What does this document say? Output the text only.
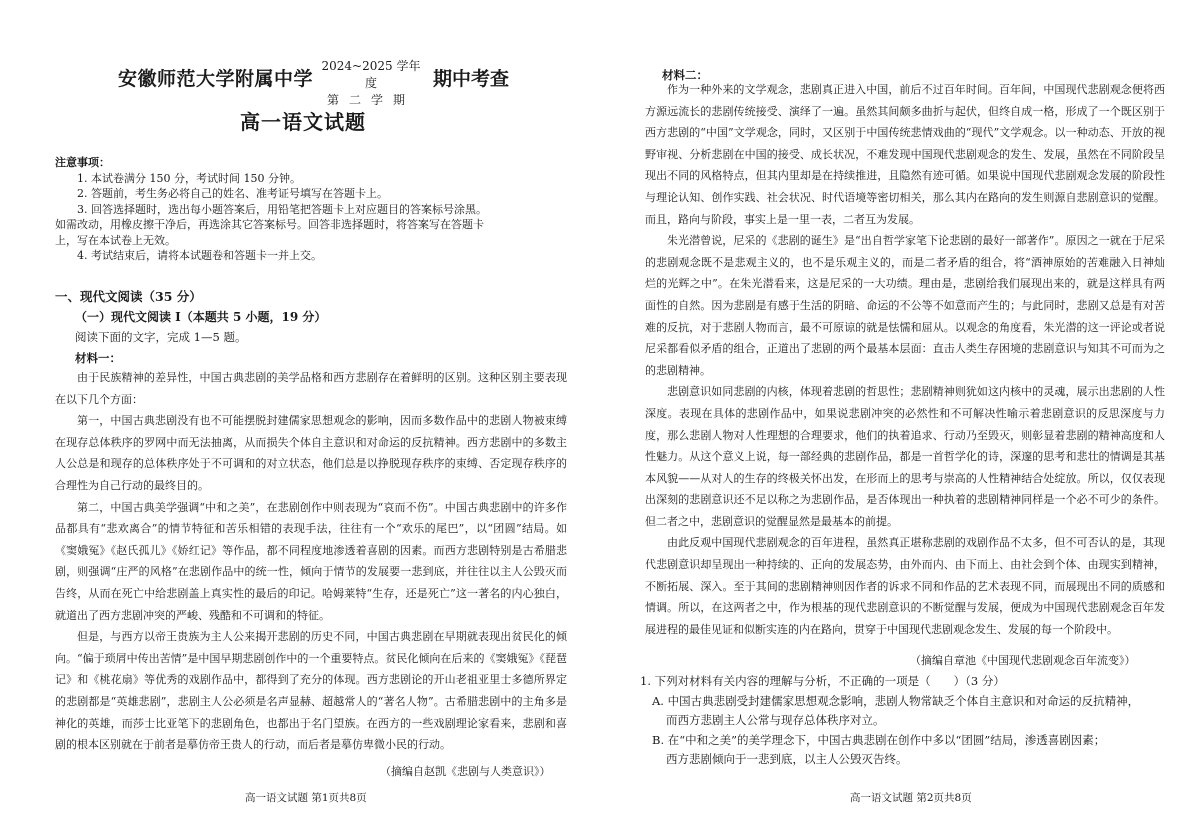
安徽师范大学附属中学
2024~2025 学年度
第二学期
期中考查
高一语文试题
注意事项：

1. 本试卷满分 150 分，考试时间 150 分钟。

2. 答题前，考生务必将自己的姓名、准考证号填写在答题卡上。

3. 回答选择题时，选出每小题答案后，用铅笔把答题卡上对应题目的答案标号涂黑。

如需改动，用橡皮擦干净后，再选涂其它答案标号。回答非选择题时，将答案写在答题卡

上，写在本试卷上无效。

4. 考试结束后，请将本试题卷和答题卡一并上交。

一、现代文阅读（35 分）
（一）现代文阅读 I（本题共 5 小题，19 分）
阅读下面的文字，完成 1—5 题。
材料一：

由于民族精神的差异性，中国古典悲剧的美学品格和西方悲剧存在着鲜明的区别。这种区别主要表现在以下几个方面：

第一，中国古典悲剧没有也不可能摆脱封建儒家思想观念的影响，因而多数作品中的悲剧人物被束缚在现存总体秩序的罗网中而无法抽离，从而损失个体自主意识和对命运的反抗精神。西方悲剧中的多数主人公总是和现存的总体秩序处于不可调和的对立状态，他们总是以挣脱现存秩序的束缚、否定现存秩序的合理性为自己行动的最终目的。

第二，中国古典美学强调“中和之美”，在悲剧创作中则表现为“哀而不伤”。中国古典悲剧中的许多作品都具有“悲欢离合”的情节特征和苦乐相错的表现手法，往往有一个“欢乐的尾巴”，以“团圆”结局。如《窦娥冤》《赵氏孤儿》《娇红记》等作品，都不同程度地渗透着喜剧的因素。而西方悲剧特别是古希腊悲剧，则强调“庄严的风格”在悲剧作品中的统一性，倾向于情节的发展要一悲到底，并往往以主人公毁灭而告终，从而在死亡中给悲剧盖上真实性的最后的印记。哈姆莱特“生存，还是死亡”这一著名的内心独白，就道出了西方悲剧冲突的严峻、残酷和不可调和的特征。

但是，与西方以帝王贵族为主人公来揭开悲剧的历史不同，中国古典悲剧在早期就表现出贫民化的倾向。“偏于琐屑中传出苦情”是中国早期悲剧创作中的一个重要特点。贫民化倾向在后来的《窦娥冤》《琵琶记》和《桃花扇》等优秀的戏剧作品中，都得到了充分的体现。西方悲剧论的开山老祖亚里士多德所界定的悲剧都是“英雄悲剧”，悲剧主人公必须是名声显赫、超越常人的“著名人物”。古希腊悲剧中的主角多是神化的英雄，而莎士比亚笔下的悲剧角色，也都出于名门望族。在西方的一些戏剧理论家看来，悲剧和喜剧的根本区别就在于前者是摹仿帝王贵人的行动，而后者是摹仿卑微小民的行动。

（摘编自赵凯《悲剧与人类意识》）
高一语文试题 第1页共8页
材料二：

作为一种外来的文学观念，悲剧真正进入中国，前后不过百年时间。百年间，中国现代悲剧观念便将西方源远流长的悲剧传统接受、演绎了一遍。虽然其间颇多曲折与起伏，但终自成一格，形成了一个既区别于西方悲剧的“中国”文学观念，同时，又区别于中国传统悲情戏曲的“现代”文学观念。以一种动态、开放的视野审视、分析悲剧在中国的接受、成长状况，不难发现中国现代悲剧观念的发生、发展，虽然在不同阶段呈现出不同的风格特点，但其内里却是在持续推进，且隐然有迹可循。如果说中国现代悲剧观念发展的阶段性与理论认知、创作实践、社会状况、时代语境等密切相关，那么其内在路向的发生则源自悲剧意识的觉醒。而且，路向与阶段，事实上是一里一表，二者互为发展。

朱光潜曾说，尼采的《悲剧的诞生》是“出自哲学家笔下论悲剧的最好一部著作”。原因之一就在于尼采的悲剧观念既不是悲观主义的，也不是乐观主义的，而是二者矛盾的组合，将“酒神原始的苦难融入日神灿烂的光辉之中”。在朱光潜看来，这是尼采的一大功绩。理由是，悲剧给我们展现出来的，就是这样具有两面性的自然。因为悲剧是有感于生活的阴暗、命运的不公等不如意而产生的；与此同时，悲剧又总是有对苦难的反抗，对于悲剧人物而言，最不可原谅的就是怯懦和屈从。以观念的角度看，朱光潜的这一评论或者说尼采都看似矛盾的组合，正道出了悲剧的两个最基本层面：直击人类生存困境的悲剧意识与知其不可而为之的悲剧精神。

悲剧意识如同悲剧的内核，体现着悲剧的哲思性；悲剧精神则犹如这内核中的灵魂，展示出悲剧的人性深度。表现在具体的悲剧作品中，如果说悲剧冲突的必然性和不可解决性喻示着悲剧意识的反思深度与力度，那么悲剧人物对人性理想的合理要求，他们的执着追求、行动乃至毁灭，则彰显着悲剧的精神高度和人性魅力。从这个意义上说，每一部经典的悲剧作品，都是一首哲学化的诗，深邃的思考和悲壮的情调是其基本风貌——从对人的生存的终极关怀出发，在形而上的思考与崇高的人性精神结合处绽放。所以，仅仅表现出深刻的悲剧意识还不足以称之为悲剧作品，是否体现出一种执着的悲剧精神同样是一个必不可少的条件。但二者之中，悲剧意识的觉醒显然是最基本的前提。

由此反观中国现代悲剧观念的百年进程，虽然真正堪称悲剧的戏剧作品不太多，但不可否认的是，其现代悲剧意识却呈现出一种持续的、正向的发展态势，由外而内、由下而上、由社会到个体、由现实到精神，不断拓展、深入。至于其间的悲剧精神则因作者的诉求不同和作品的艺术表现不同，而展现出不同的质感和情调。所以，在这两者之中，作为根基的现代悲剧意识的不断觉醒与发展，便成为中国现代悲剧观念百年发展进程的最佳见证和似断实连的内在路向，贯穿于中国现代悲剧观念发生、发展的每一个阶段中。

（摘编自章池《中国现代悲剧观念百年流变》）

1. 下列对材料有关内容的理解与分析，不正确的一项是（　　）（3 分）

A. 中国古典悲剧受封建儒家思想观念影响，悲剧人物常缺乏个体自主意识和对命运的反抗精神，

而西方悲剧主人公常与现存总体秩序对立。

B. 在“中和之美”的美学理念下，中国古典悲剧在创作中多以“团圆”结局，渗透喜剧因素；

西方悲剧倾向于一悲到底，以主人公毁灭告终。

高一语文试题 第2页共8页
